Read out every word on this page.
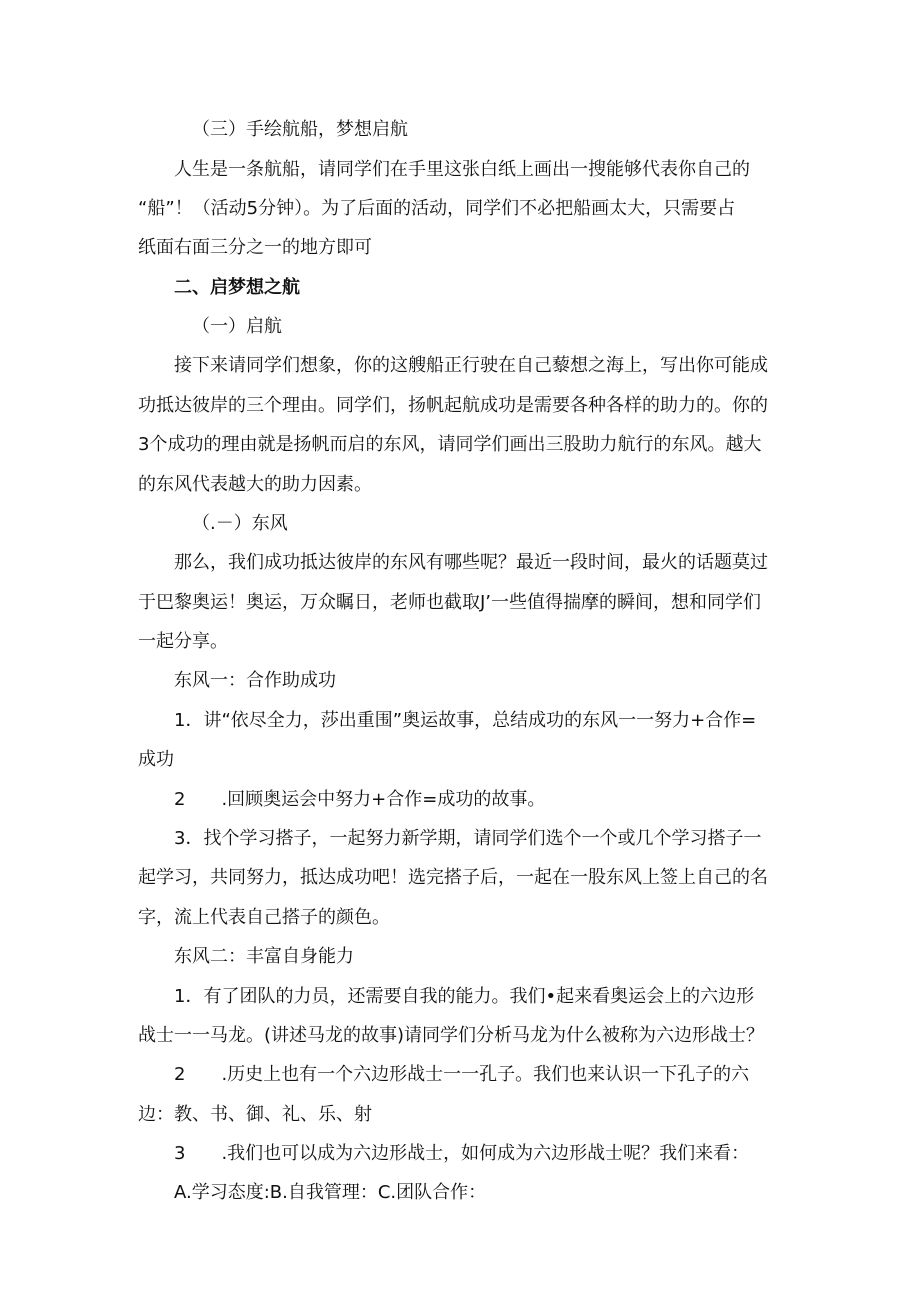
（三）手绘航船，梦想启航
人生是一条航船，请同学们在手里这张白纸上画出一搜能够代表你自己的
“船”！（活动5分钟）。为了后面的活动，同学们不必把船画太大，只需要占
纸面右面三分之一的地方即可
二、启梦想之航
（一）启航
接下来请同学们想象，你的这艘船正行驶在自己藜想之海上，写出你可能成
功抵达彼岸的三个理由。同学们，扬帆起航成功是需要各种各样的助力的。你的
3个成功的理由就是扬帆而启的东风，请同学们画出三股助力航行的东风。越大
的东风代表越大的助力因素。
（.－）东风
那么，我们成功抵达彼岸的东风有哪些呢？最近一段时间，最火的话题莫过
于巴黎奥运！奥运，万众瞩日，老师也截取J’一些值得揣摩的瞬间，想和同学们
一起分享。
东风一：合作助成功
1．讲“依尽全力，莎出重围”奥运故事，总结成功的东风一一努力+合作=
成功
2　　.回顾奥运会中努力+合作=成功的故事。
3．找个学习搭子，一起努力新学期，请同学们选个一个或几个学习搭子一
起学习，共同努力，抵达成功吧！选完搭子后，一起在一股东风上签上自己的名
字，流上代表自己搭子的颜色。
东风二：丰富自身能力
1．有了团队的力员，还需要自我的能力。我们•起来看奥运会上的六边形
战士一一马龙。(讲述马龙的故事)请同学们分析马龙为什么被称为六边形战士？
2　　.历史上也有一个六边形战士一一孔子。我们也来认识一下孔子的六
边：教、书、御、礼、乐、射
3　　.我们也可以成为六边形战士，如何成为六边形战士呢？我们来看：
A.学习态度:B.自我管理：C.团队合作：
